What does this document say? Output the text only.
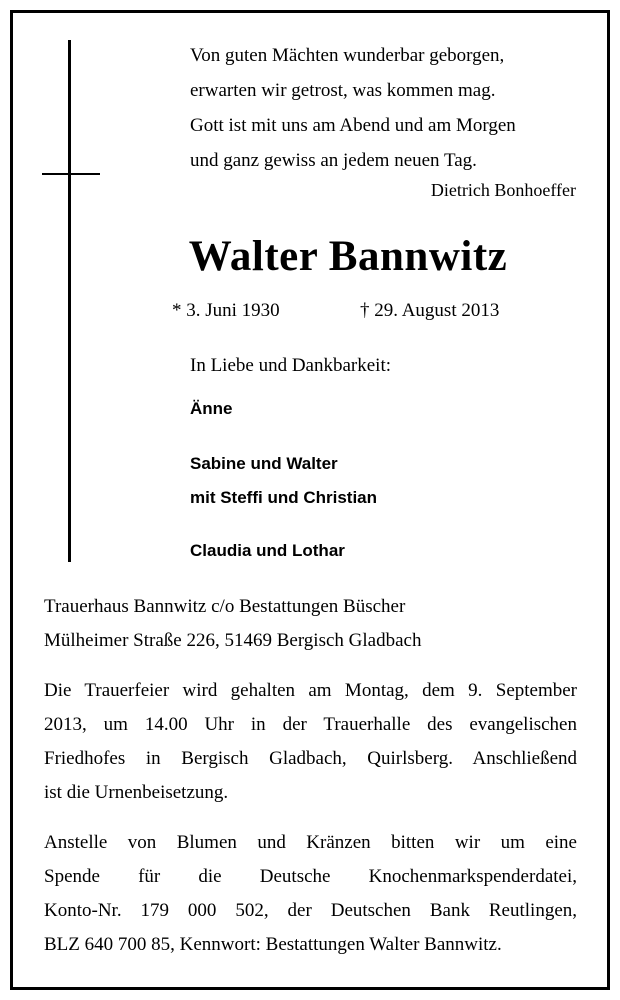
Von guten Mächten wunderbar geborgen,
erwarten wir getrost, was kommen mag.
Gott ist mit uns am Abend und am Morgen
und ganz gewiss an jedem neuen Tag.
Dietrich Bonhoeffer
Walter Bannwitz
* 3. Juni 1930	† 29. August 2013
In Liebe und Dankbarkeit:
Änne
Sabine und Walter
mit Steffi und Christian
Claudia und Lothar
Trauerhaus Bannwitz c/o Bestattungen Büscher
Mülheimer Straße 226, 51469 Bergisch Gladbach
Die Trauerfeier wird gehalten am Montag, dem 9. September
2013, um 14.00 Uhr in der Trauerhalle des evangelischen
Friedhofes in Bergisch Gladbach, Quirlsberg. Anschließend
ist die Urnenbeisetzung.
Anstelle von Blumen und Kränzen bitten wir um eine
Spende für die Deutsche Knochenmarkspenderdatei,
Konto-Nr. 179 000 502, der Deutschen Bank Reutlingen,
BLZ 640 700 85, Kennwort: Bestattungen Walter Bannwitz.
